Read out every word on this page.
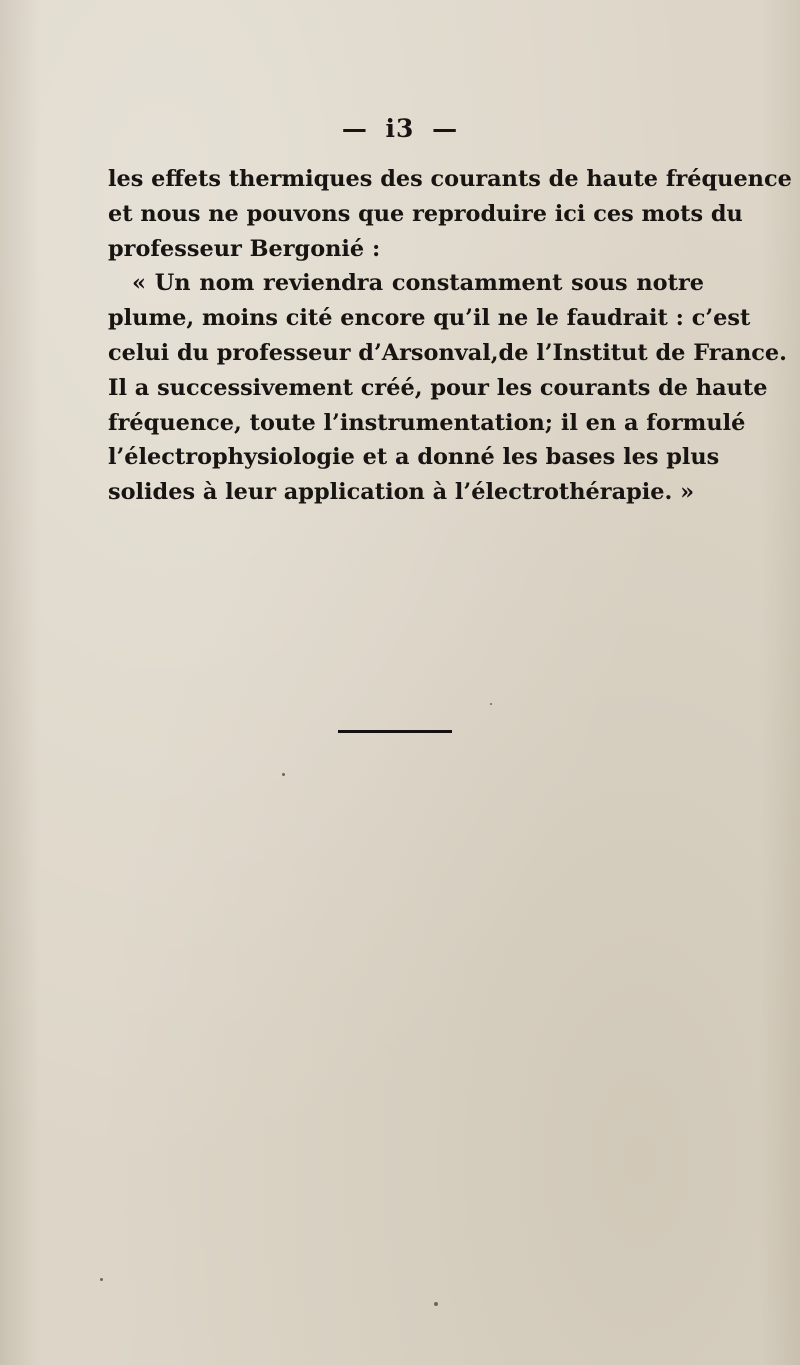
— i3 —
les effets thermiques des courants de haute fréquence
et nous ne pouvons que reproduire ici ces mots du
professeur Bergonié :
« Un nom reviendra constamment sous notre
plume, moins cité encore qu’il ne le faudrait : c’est
celui du professeur d’Arsonval,de l’Institut de France.
Il a successivement créé, pour les courants de haute
fréquence, toute l’instrumentation; il en a formulé
l’électrophysiologie et a donné les bases les plus
solides à leur application à l’électrothérapie. »
